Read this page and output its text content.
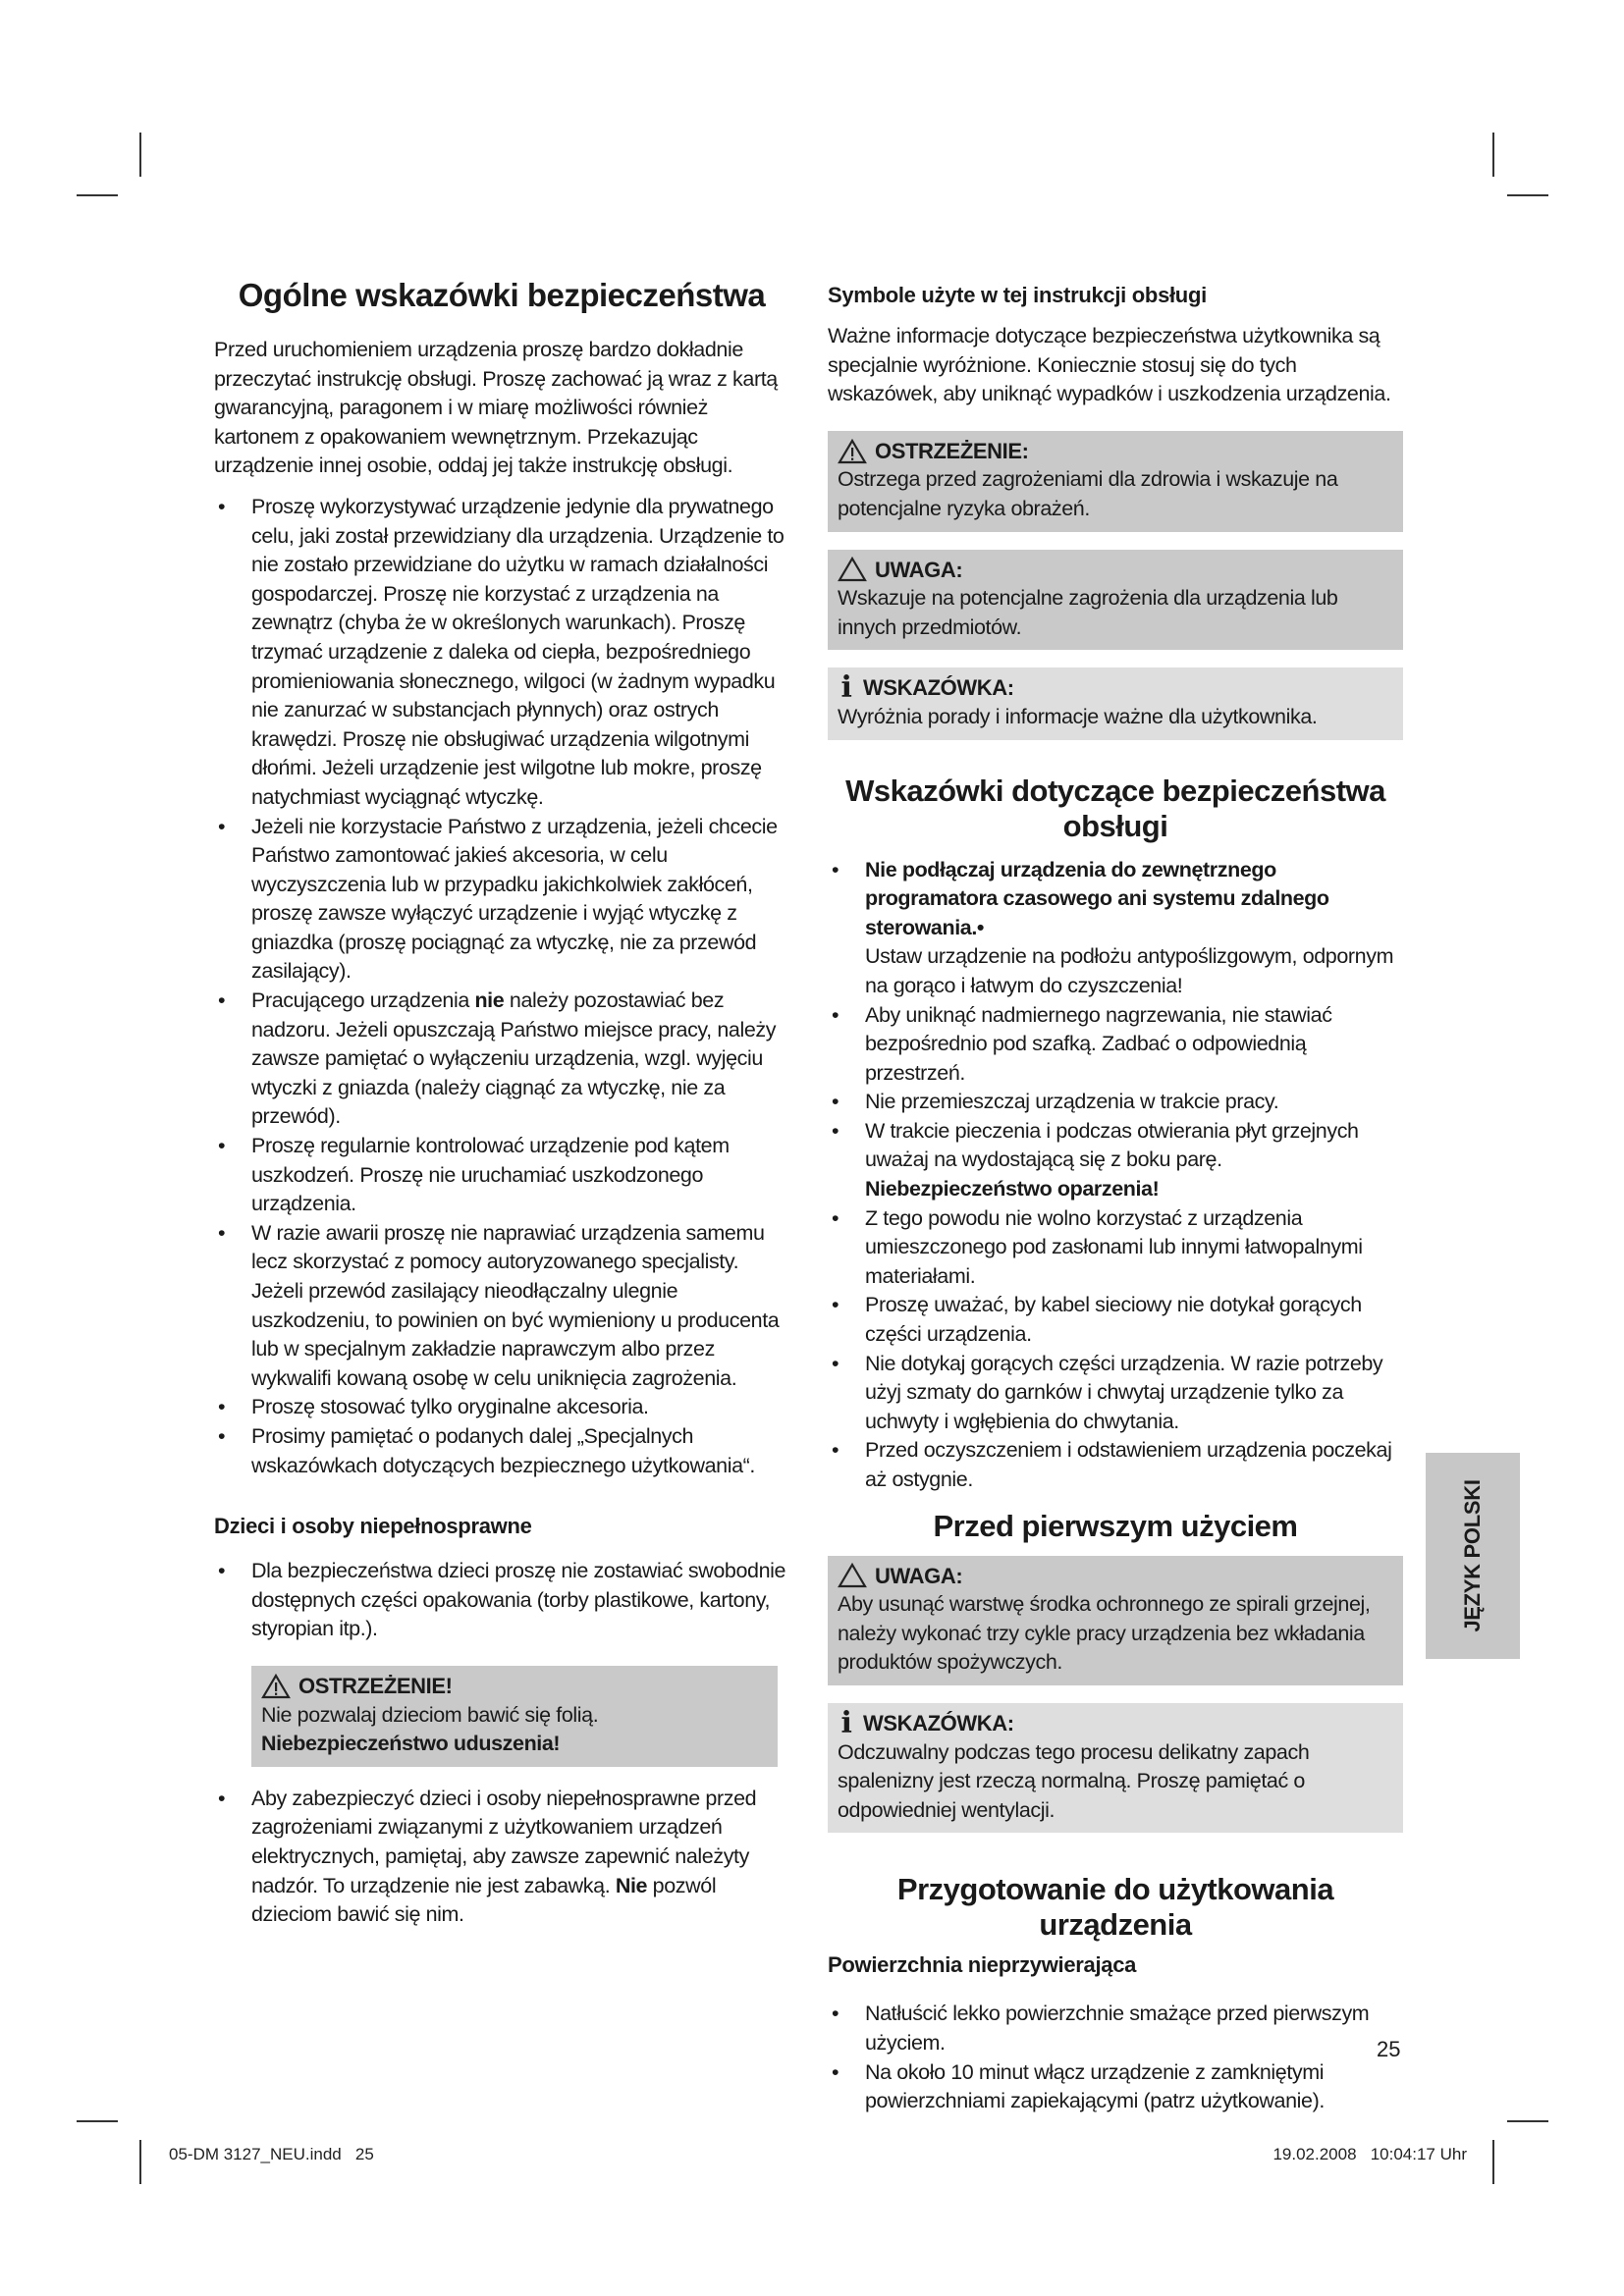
Ogólne wskazówki bezpieczeństwa
Przed uruchomieniem urządzenia proszę bardzo dokładnie przeczytać instrukcję obsługi. Proszę zachować ją wraz z kartą gwarancyjną, paragonem i w miarę możliwości również kartonem z opakowaniem wewnętrznym. Przekazując urządzenie innej osobie, oddaj jej także instrukcję obsługi.
• Proszę wykorzystywać urządzenie jedynie dla prywatnego celu, jaki został przewidziany dla urządzenia. Urządzenie to nie zostało przewidziane do użytku w ramach działalności gospodarczej. Proszę nie korzystać z urządzenia na zewnątrz (chyba że w określonych warunkach). Proszę trzymać urządzenie z daleka od ciepła, bezpośredniego promieniowania słonecznego, wilgoci (w żadnym wypadku nie zanurzać w substancjach płynnych) oraz ostrych krawędzi. Proszę nie obsługiwać urządzenia wilgotnymi dłońmi. Jeżeli urządzenie jest wilgotne lub mokre, proszę natychmiast wyciągnąć wtyczkę.
• Jeżeli nie korzystacie Państwo z urządzenia, jeżeli chcecie Państwo zamontować jakieś akcesoria, w celu wyczyszczenia lub w przypadku jakichkolwiek zakłóceń, proszę zawsze wyłączyć urządzenie i wyjąć wtyczkę z gniazdka (proszę pociągnąć za wtyczkę, nie za przewód zasilający).
• Pracującego urządzenia nie należy pozostawiać bez nadzoru. Jeżeli opuszczają Państwo miejsce pracy, należy zawsze pamiętać o wyłączeniu urządzenia, wzgl. wyjęciu wtyczki z gniazda (należy ciągnąć za wtyczkę, nie za przewód).
• Proszę regularnie kontrolować urządzenie pod kątem uszkodzeń. Proszę nie uruchamiać uszkodzonego urządzenia.
• W razie awarii proszę nie naprawiać urządzenia samemu lecz skorzystać z pomocy autoryzowanego specjalisty. Jeżeli przewód zasilający nieodłączalny ulegnie uszkodzeniu, to powinien on być wymieniony u producenta lub w specjalnym zakładzie naprawczym albo przez wykwalifi kowaną osobę w celu uniknięcia zagrożenia.
• Proszę stosować tylko oryginalne akcesoria.
• Prosimy pamiętać o podanych dalej „Specjalnych wskazówkach dotyczących bezpiecznego użytkowania“.
Dzieci i osoby niepełnosprawne
• Dla bezpieczeństwa dzieci proszę nie zostawiać swobodnie dostępnych części opakowania (torby plastikowe, kartony, styropian itp.).
OSTRZEŻENIE!
Nie pozwalaj dzieciom bawić się folią.
Niebezpieczeństwo uduszenia!
• Aby zabezpieczyć dzieci i osoby niepełnosprawne przed zagrożeniami związanymi z użytkowaniem urządzeń elektrycznych, pamiętaj, aby zawsze zapewnić należyty nadzór. To urządzenie nie jest zabawką. Nie pozwól dzieciom bawić się nim.
Symbole użyte w tej instrukcji obsługi
Ważne informacje dotyczące bezpieczeństwa użytkownika są specjalnie wyróżnione. Koniecznie stosuj się do tych wskazówek, aby uniknąć wypadków i uszkodzenia urządzenia.
OSTRZEŻENIE:
Ostrzega przed zagrożeniami dla zdrowia i wskazuje na potencjalne ryzyka obrażeń.
UWAGA:
Wskazuje na potencjalne zagrożenia dla urządzenia lub innych przedmiotów.
i WSKAZÓWKA:
Wyróżnia porady i informacje ważne dla użytkownika.
Wskazówki dotyczące bezpieczeństwa obsługi
• Nie podłączaj urządzenia do zewnętrznego programatora czasowego ani systemu zdalnego sterowania.•
Ustaw urządzenie na podłożu antypoślizgowym, odpornym na gorąco i łatwym do czyszczenia!
• Aby uniknąć nadmiernego nagrzewania, nie stawiać bezpośrednio pod szafką. Zadbać o odpowiednią przestrzeń.
• Nie przemieszczaj urządzenia w trakcie pracy.
• W trakcie pieczenia i podczas otwierania płyt grzejnych uważaj na wydostającą się z boku parę.
Niebezpieczeństwo oparzenia!
• Z tego powodu nie wolno korzystać z urządzenia umieszczonego pod zasłonami lub innymi łatwopalnymi materiałami.
• Proszę uważać, by kabel sieciowy nie dotykał gorących części urządzenia.
• Nie dotykaj gorących części urządzenia. W razie potrzeby użyj szmaty do garnków i chwytaj urządzenie tylko za uchwyty i wgłębienia do chwytania.
• Przed oczyszczeniem i odstawieniem urządzenia poczekaj aż ostygnie.
Przed pierwszym użyciem
UWAGA:
Aby usunąć warstwę środka ochronnego ze spirali grzejnej, należy wykonać trzy cykle pracy urządzenia bez wkładania produktów spożywczych.
i WSKAZÓWKA:
Odczuwalny podczas tego procesu delikatny zapach spalenizny jest rzeczą normalną. Proszę pamiętać o odpowiedniej wentylacji.
Przygotowanie do użytkowania urządzenia
Powierzchnia nieprzywierająca
• Natłuścić lekko powierzchnie smażące przed pierwszym użyciem.
• Na około 10 minut włącz urządzenie z zamkniętymi powierzchniami zapiekającymi (patrz użytkowanie).
JĘZYK POLSKI
25
05-DM 3127_NEU.indd   25	19.02.2008   10:04:17 Uhr
